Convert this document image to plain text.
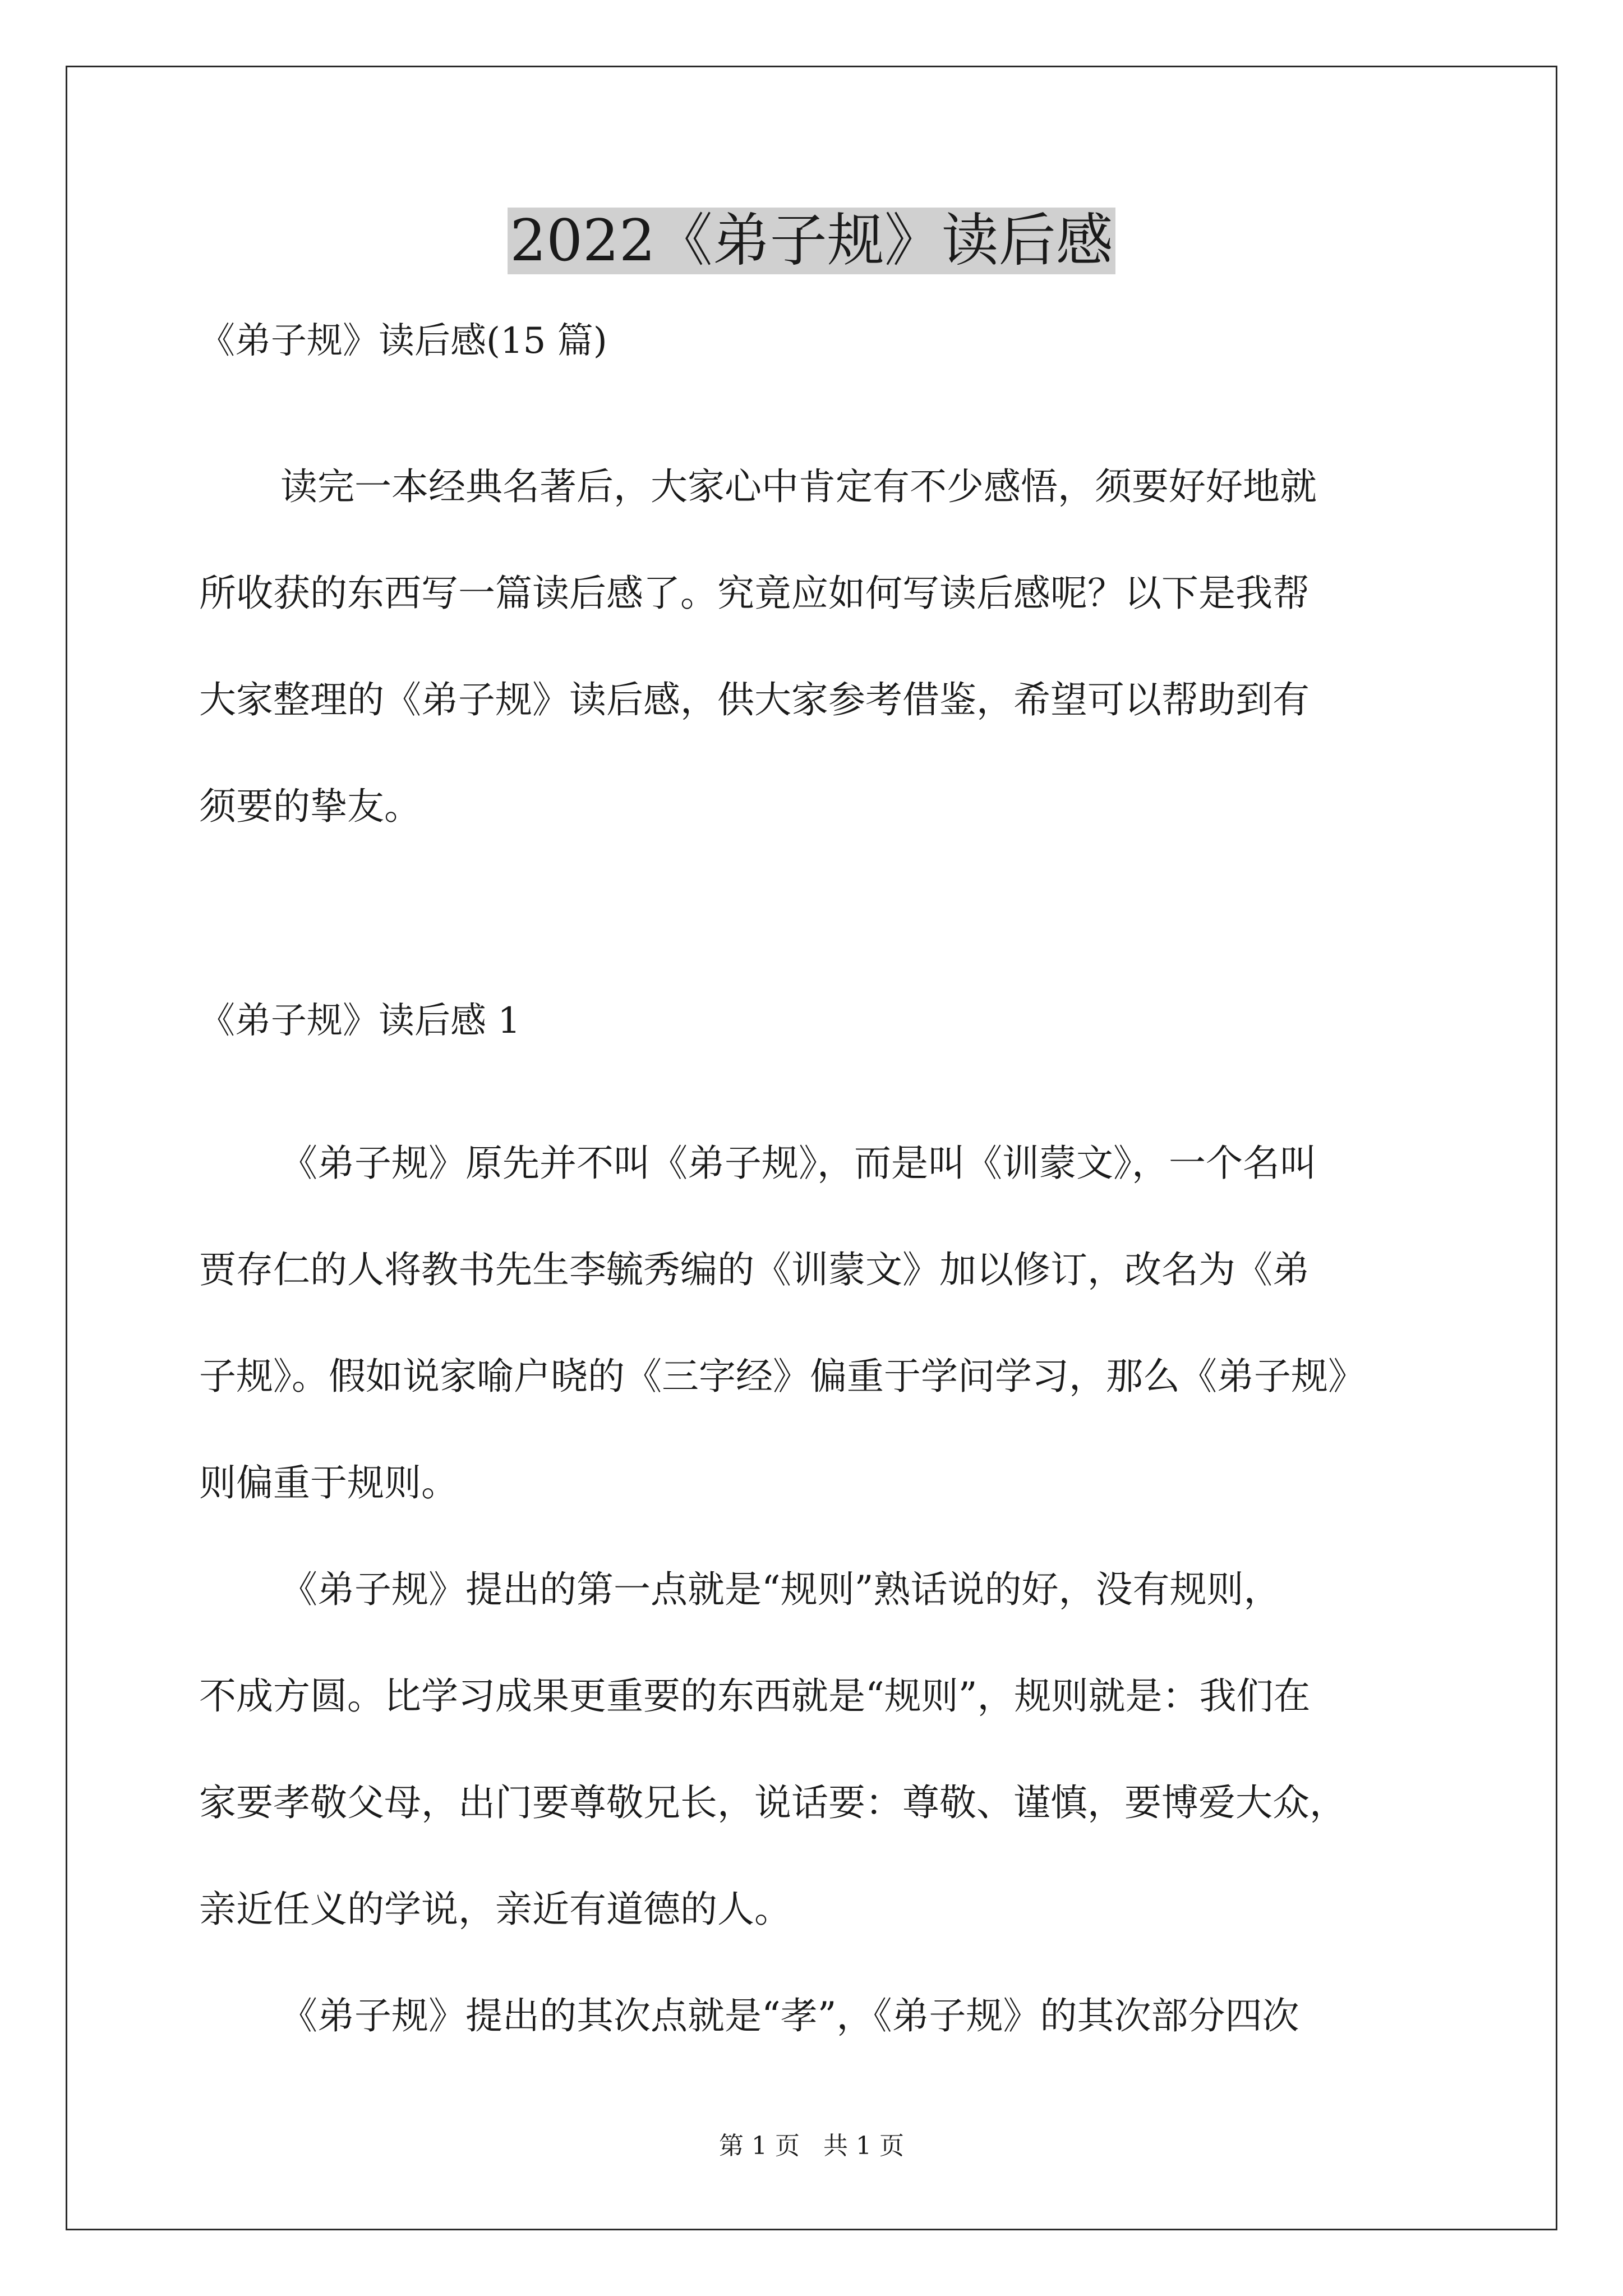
2022《弟子规》读后感

《弟子规》读后感(15 篇)

读完一本经典名著后，大家心中肯定有不少感悟，须要好好地就

所收获的东西写一篇读后感了。究竟应如何写读后感呢？以下是我帮

大家整理的《弟子规》读后感，供大家参考借鉴，希望可以帮助到有

须要的挚友。

《弟子规》读后感 1

《弟子规》原先并不叫《弟子规》，而是叫《训蒙文》，一个名叫

贾存仁的人将教书先生李毓秀编的《训蒙文》加以修订，改名为《弟

子规》。假如说家喻户晓的《三字经》偏重于学问学习，那么《弟子规》

则偏重于规则。

《弟子规》提出的第一点就是“规则”熟话说的好，没有规则，

不成方圆。比学习成果更重要的东西就是“规则”，规则就是：我们在

家要孝敬父母，出门要尊敬兄长，说话要：尊敬、谨慎，要博爱大众，

亲近任义的学说，亲近有道德的人。

《弟子规》提出的其次点就是“孝”，《弟子规》的其次部分四次

第 1 页   共 1 页
